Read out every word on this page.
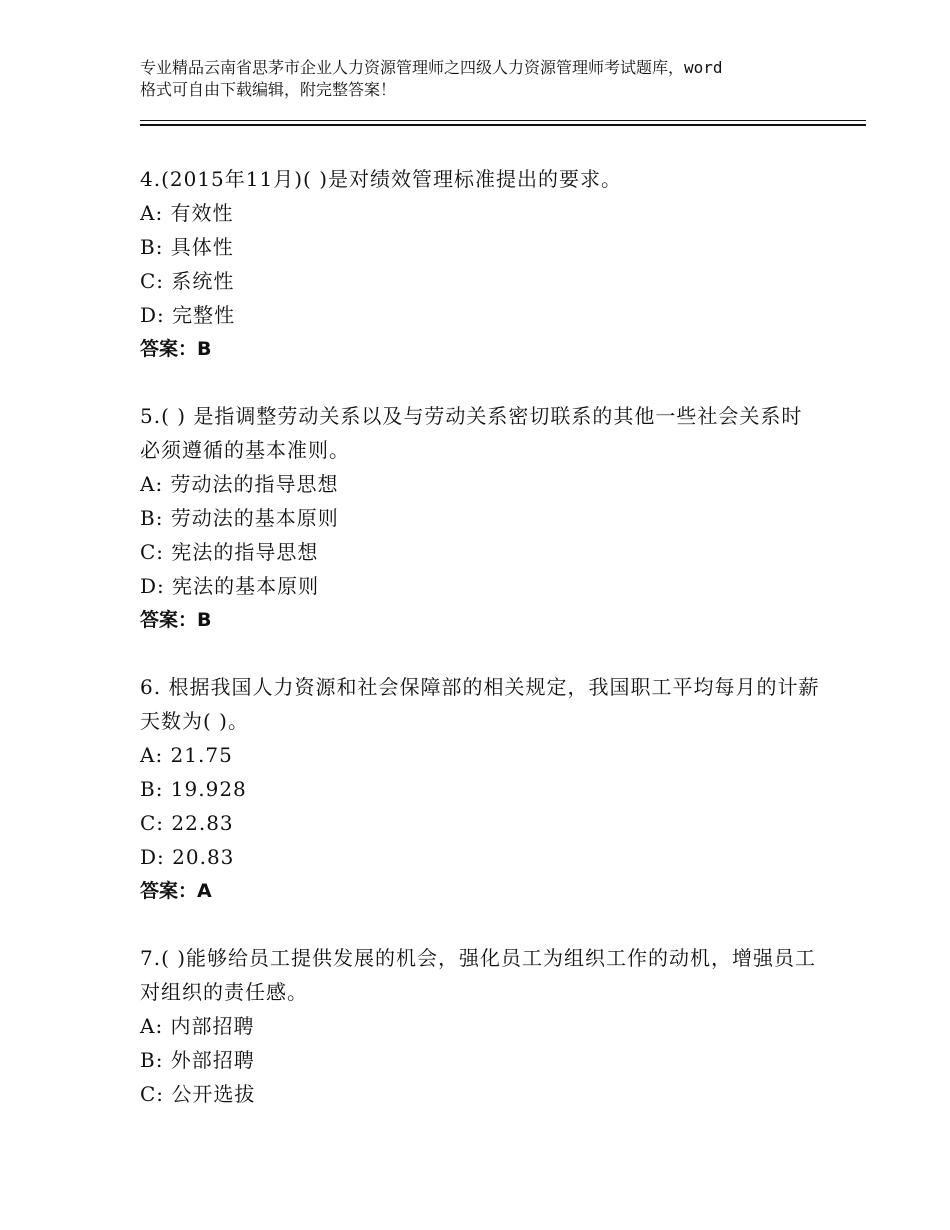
专业精品云南省思茅市企业人力资源管理师之四级人力资源管理师考试题库，word
格式可自由下载编辑，附完整答案！

4.(2015年11月)( )是对绩效管理标准提出的要求。

A: 有效性

B: 具体性

C: 系统性

D: 完整性

答案：B

5.( ) 是指调整劳动关系以及与劳动关系密切联系的其他一些社会关系时必须遵循的基本准则。

A: 劳动法的指导思想

B: 劳动法的基本原则

C: 宪法的指导思想

D: 宪法的基本原则

答案：B

6. 根据我国人力资源和社会保障部的相关规定，我国职工平均每月的计薪天数为( )。

A: 21.75

B: 19.928

C: 22.83

D: 20.83

答案：A

7.( )能够给员工提供发展的机会，强化员工为组织工作的动机，增强员工对组织的责任感。

A: 内部招聘

B: 外部招聘

C: 公开选拔
